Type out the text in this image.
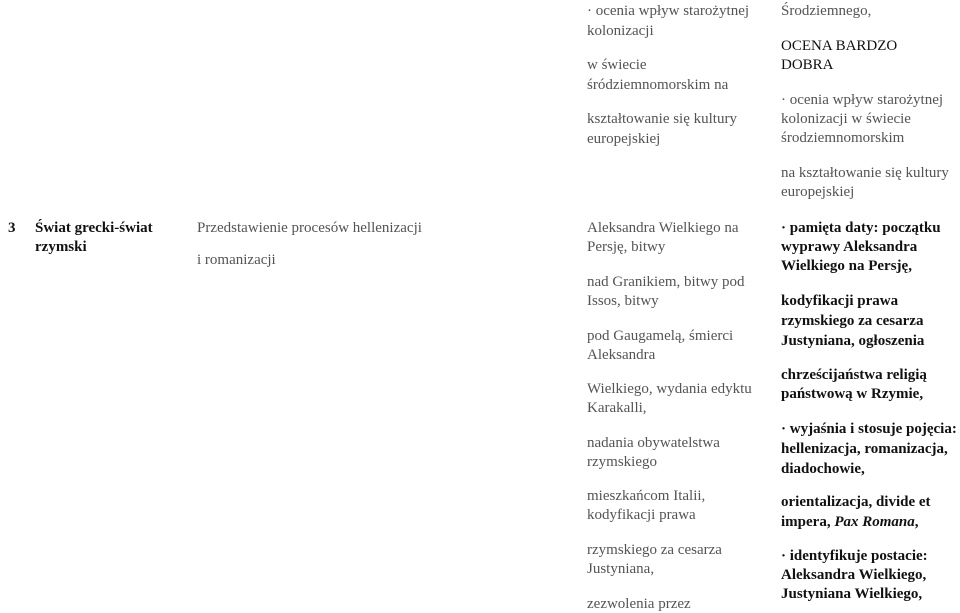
· ocenia wpływ starożytnej
kolonizacji
w świecie
śródziemnomorskim na
kształtowanie się kultury
europejskiej
Środziemnego,
OCENA BARDZO
DOBRA
· ocenia wpływ starożytnej
kolonizacji w świecie
środziemnomorskim
na kształtowanie się kultury
europejskiej
3 Świat grecki-świat
rzymski
Przedstawienie procesów hellenizacji
i romanizacji
Aleksandra Wielkiego na
Persję, bitwy
nad Granikiem, bitwy pod
Issos, bitwy
pod Gaugamelą, śmierci
Aleksandra
Wielkiego, wydania edyktu
Karakalli,
nadania obywatelstwa
rzymskiego
mieszkańcom Italii,
kodyfikacji prawa
rzymskiego za cesarza
Justyniana,
zezwolenia przez
· pamięta daty: początku
wyprawy Aleksandra
Wielkiego na Persję,
kodyfikacji prawa
rzymskiego za cesarza
Justyniana, ogłoszenia
chrześcijaństwa religią
państwową w Rzymie,
· wyjaśnia i stosuje pojęcia:
hellenizacja, romanizacja,
diadochowie,
orientalizacja, divide et
impera, Pax Romana,
· identyfikuje postacie:
Aleksandra Wielkiego,
Justyniana Wielkiego,
